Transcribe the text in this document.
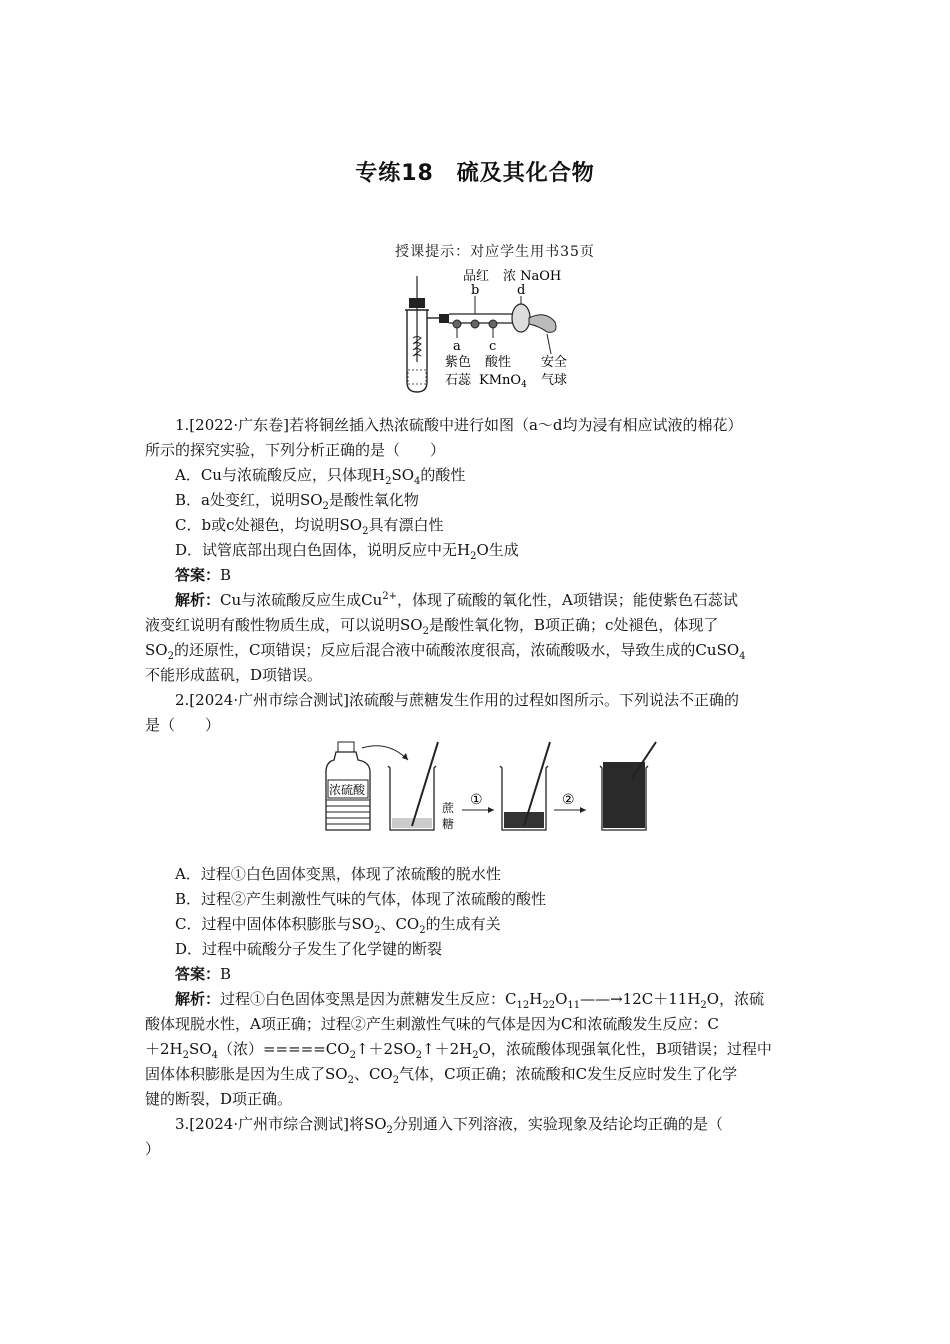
专练18　硫及其化合物
授课提示：对应学生用书35页
品红 浓 NaOH
b	d
a c
紫色
石蕊
酸性
KMnO$_4$
安全
气球
1.[2022·广东卷]若将铜丝插入热浓硫酸中进行如图（a～d均为浸有相应试液的棉花）
所示的探究实验，下列分析正确的是（　　）
A．Cu与浓硫酸反应，只体现$H_2SO_4$的酸性
B．a处变红，说明$SO_2$是酸性氧化物
C．b或c处褪色，均说明$SO_2$具有漂白性
D．试管底部出现白色固体，说明反应中无$H_2O$生成
答案：B
解析：Cu与浓硫酸反应生成$Cu^{2+}$，体现了硫酸的氧化性，A项错误；能使紫色石蕊试
液变红说明有酸性物质生成，可以说明$SO_2$是酸性氧化物，B项正确；c处褪色，体现了
$SO_2$的还原性，C项错误；反应后混合液中硫酸浓度很高，浓硫酸吸水，导致生成的CuSO$_4$
不能形成蓝矾，D项错误。
2.[2024·广州市综合测试]浓硫酸与蔗糖发生作用的过程如图所示。下列说法不正确的
是（　　）
浓硫酸
蔗
糖
①	②
A．过程①白色固体变黑，体现了浓硫酸的脱水性
B．过程②产生刺激性气味的气体，体现了浓硫酸的酸性
C．过程中固体体积膨胀与$SO_2$、$CO_2$的生成有关
D．过程中硫酸分子发生了化学键的断裂
答案：B
解析：过程①白色固体变黑是因为蔗糖发生反应：$C_{12}H_{22}O_{11}——\to 12C+11H_2O$，浓硫
酸体现脱水性，A项正确；过程②产生刺激性气味的气体是因为C和浓硫酸发生反应：C
$+2H_2SO_4$（浓）$=====CO_2↑+2SO_2↑+2H_2O$，浓硫酸体现强氧化性，B项错误；过程中
固体体积膨胀是因为生成了$SO_2$、$CO_2$气体，C项正确；浓硫酸和C发生反应时发生了化学
键的断裂，D项正确。
3.[2024·广州市综合测试]将$SO_2$分别通入下列溶液，实验现象及结论均正确的是（
）
